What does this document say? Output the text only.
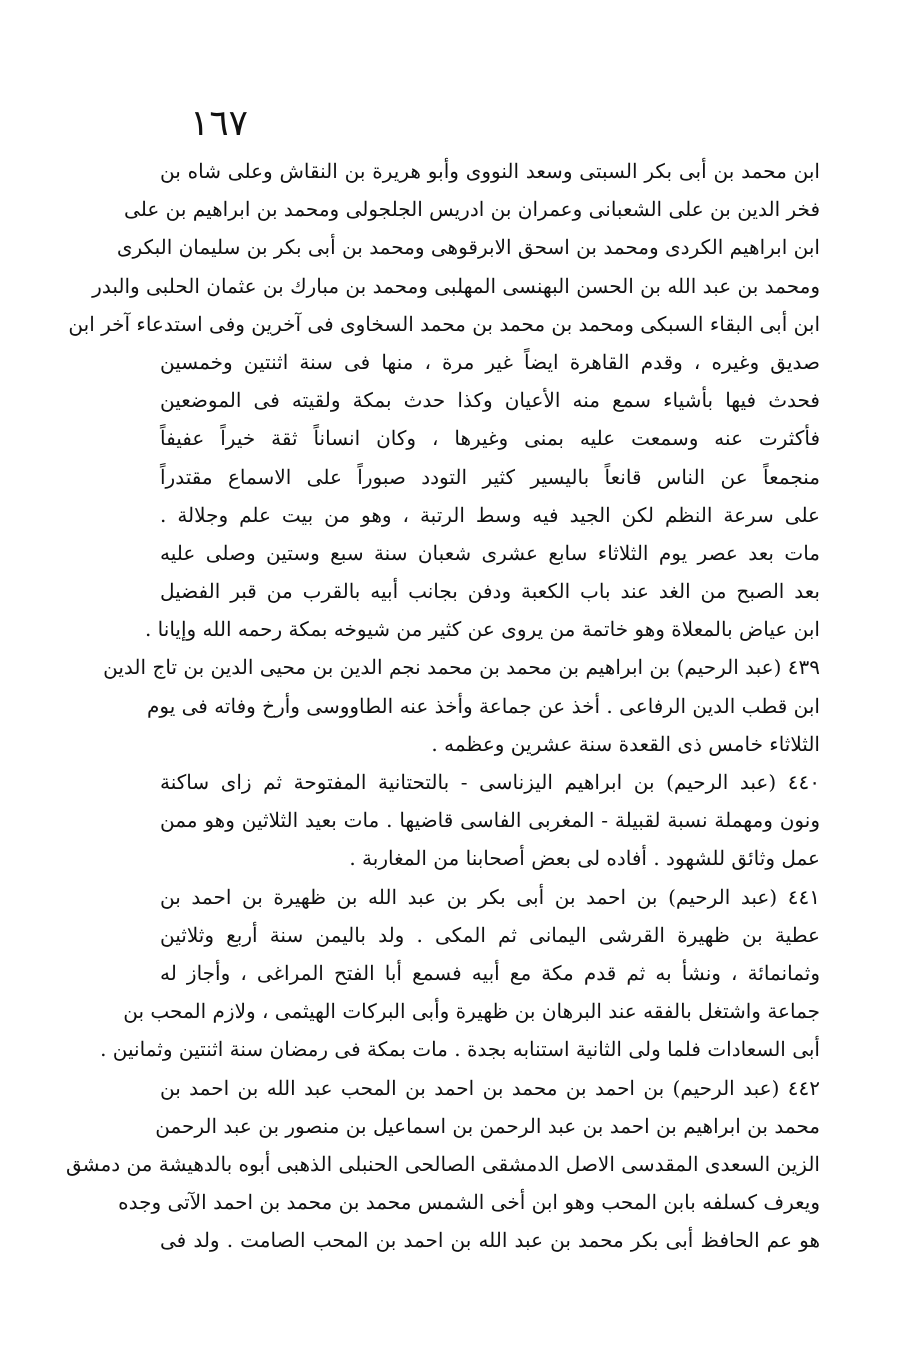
١٦٧
ابن محمد بن أبى بكر السبتى وسعد النووى وأبو هريرة بن النقاش وعلى شاه بن
فخر الدين بن على الشعبانى وعمران بن ادريس الجلجولى ومحمد بن ابراهيم بن على
ابن ابراهيم الكردى ومحمد بن اسحق الابرقوهى ومحمد بن أبى بكر بن سليمان البكرى
ومحمد بن عبد الله بن الحسن البهنسى المهلبى ومحمد بن مبارك بن عثمان الحلبى والبدر
ابن أبى البقاء السبكى ومحمد بن محمد بن محمد السخاوى فى آخرين وفى استدعاء آخر ابن
صديق وغيره ، وقدم القاهرة ايضاً غير مرة ، منها فى سنة اثنتين وخمسين
فحدث فيها بأشياء سمع منه الأعيان وكذا حدث بمكة ولقيته فى الموضعين
فأكثرت عنه وسمعت عليه بمنى وغيرها ، وكان انساناً ثقة خيراً عفيفاً
منجمعاً عن الناس قانعاً باليسير كثير التودد صبوراً على الاسماع مقتدراً
على سرعة النظم لكن الجيد فيه وسط الرتبة ، وهو من بيت علم وجلالة .
مات بعد عصر يوم الثلاثاء سابع عشرى شعبان سنة سبع وستين وصلى عليه
بعد الصبح من الغد عند باب الكعبة ودفن بجانب أبيه بالقرب من قبر الفضيل
ابن عياض بالمعلاة وهو خاتمة من يروى عن كثير من شيوخه بمكة رحمه الله وإيانا .
٤٣٩ (عبد الرحيم) بن ابراهيم بن محمد بن محمد نجم الدين بن محيى الدين بن تاج الدين
ابن قطب الدين الرفاعى . أخذ عن جماعة وأخذ عنه الطاووسى وأرخ وفاته فى يوم
الثلاثاء خامس ذى القعدة سنة عشرين وعظمه .
٤٤٠ (عبد الرحيم) بن ابراهيم اليزناسى - بالتحتانية المفتوحة ثم زاى ساكنة
ونون ومهملة نسبة لقبيلة - المغربى الفاسى قاضيها . مات بعيد الثلاثين وهو ممن
عمل وثائق للشهود . أفاده لى بعض أصحابنا من المغاربة .
٤٤١ (عبد الرحيم) بن احمد بن أبى بكر بن عبد الله بن ظهيرة بن احمد بن
عطية بن ظهيرة القرشى اليمانى ثم المكى . ولد باليمن سنة أربع وثلاثين
وثمانمائة ، ونشأ به ثم قدم مكة مع أبيه فسمع أبا الفتح المراغى ، وأجاز له
جماعة واشتغل بالفقه عند البرهان بن ظهيرة وأبى البركات الهيثمى ، ولازم المحب بن
أبى السعادات فلما ولى الثانية استنابه بجدة . مات بمكة فى رمضان سنة اثنتين وثمانين .
٤٤٢ (عبد الرحيم) بن احمد بن محمد بن احمد بن المحب عبد الله بن احمد بن
محمد بن ابراهيم بن احمد بن عبد الرحمن بن اسماعيل بن منصور بن عبد الرحمن
الزين السعدى المقدسى الاصل الدمشقى الصالحى الحنبلى الذهبى أبوه بالدهيشة من دمشق
ويعرف كسلفه بابن المحب وهو ابن أخى الشمس محمد بن محمد بن احمد الآتى وجده
هو عم الحافظ أبى بكر محمد بن عبد الله بن احمد بن المحب الصامت . ولد فى
